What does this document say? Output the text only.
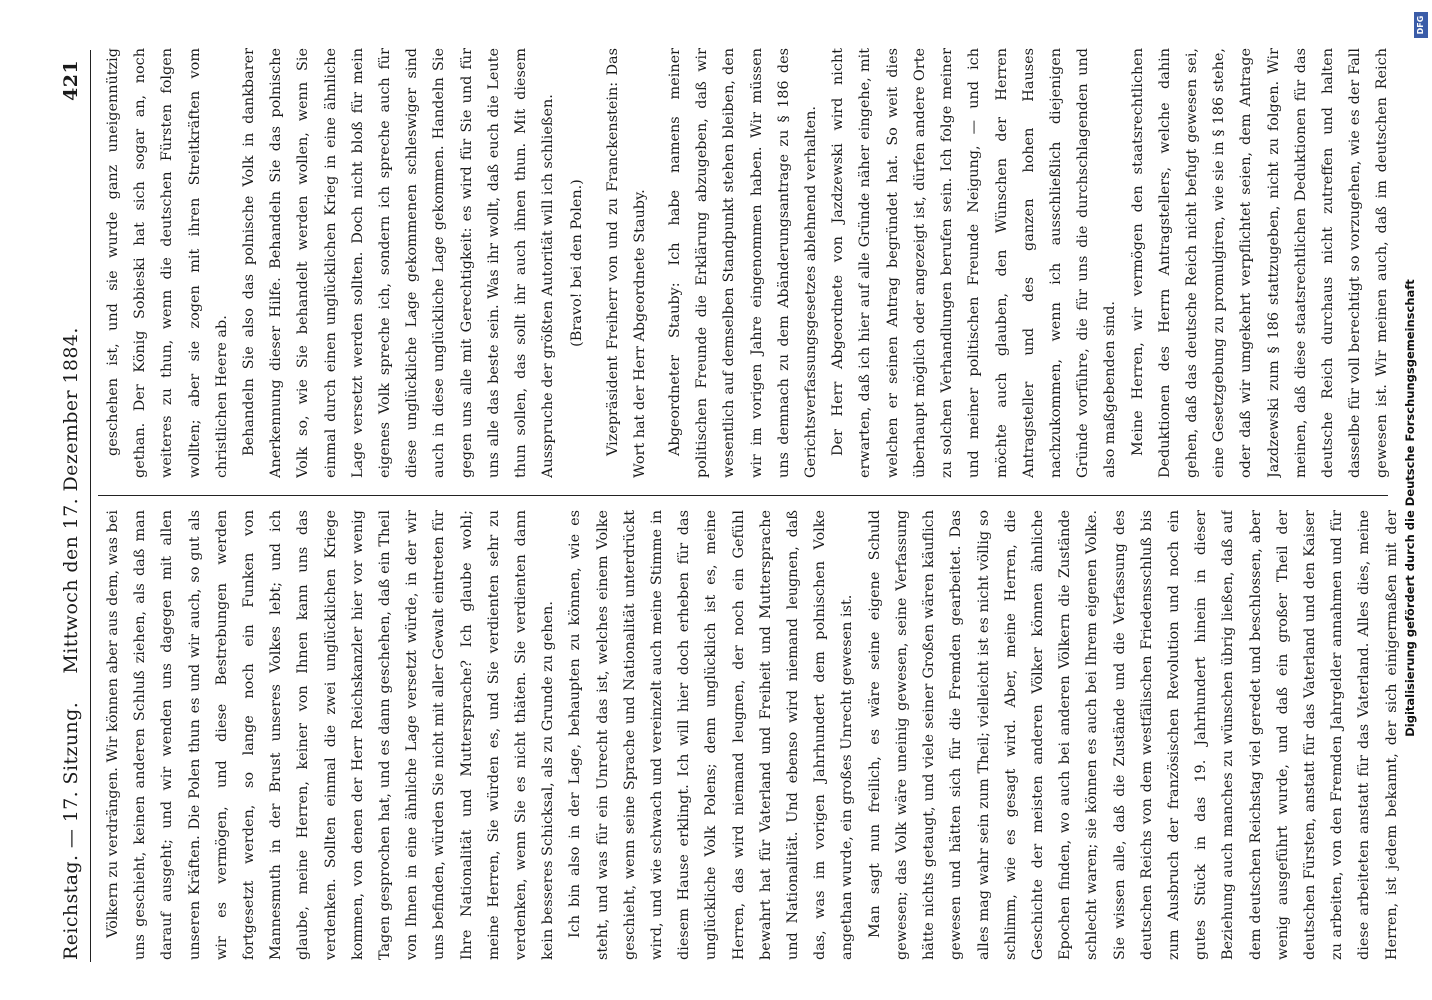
Reichstag. — 17. Sitzung.
Mittwoch den 17. Dezember 1884.
421

Völkern zu verdrängen. Wir können aber aus dem, was bei uns geschieht, keinen anderen Schluß ziehen, als daß man darauf ausgeht; und wir wenden uns dagegen mit allen unseren Kräften. Die Polen thun es und wir auch, so gut als wir es vermögen, und diese Bestrebungen werden fortgesetzt werden, so lange noch ein Funken von Mannesmuth in der Brust unseres Volkes lebt; und ich glaube, meine Herren, keiner von Ihnen kann uns das verdenken. Sollten einmal die zwei unglücklichen Kriege kommen, von denen der Herr Reichskanzler hier vor wenig Tagen gesprochen hat, und es dann geschehen, daß ein Theil von Ihnen in eine ähnliche Lage versetzt würde, in der wir uns befinden, würden Sie nicht mit aller Gewalt eintreten für Ihre Nationalität und Muttersprache? Ich glaube wohl; meine Herren, Sie würden es, und Sie verdienten sehr zu verdenken, wenn Sie es nicht thäten. Sie verdienten dann kein besseres Schicksal, als zu Grunde zu gehen. Ich bin also in der Lage, behaupten zu können, wie es steht, und was für ein Unrecht das ist, welches einem Volke geschieht, wenn seine Sprache und Nationalität unterdrückt wird, und wie schwach und vereinzelt auch meine Stimme in diesem Hause erklingt. Ich will hier doch erheben für das unglückliche Volk Polens; denn unglücklich ist es, meine Herren, das wird niemand leugnen, der noch ein Gefühl bewahrt hat für Vaterland und Freiheit und Muttersprache und Nationalität. Und ebenso wird niemand leugnen, daß das, was im vorigen Jahrhundert dem polnischen Volke angethan wurde, ein großes Unrecht gewesen ist. Man sagt nun freilich, es wäre seine eigene Schuld gewesen; das Volk wäre uneinig gewesen, seine Verfassung hätte nichts getaugt, und viele seiner Großen wären käuflich gewesen und hätten sich für die Fremden gearbeitet. Das alles mag wahr sein zum Theil; vielleicht ist es nicht völlig so schlimm, wie es gesagt wird. Aber, meine Herren, die Geschichte der meisten anderen Völker können ähnliche Epochen finden, wo auch bei anderen Völkern die Zustände schlecht waren; sie können es auch bei Ihrem eigenen Volke. Sie wissen alle, daß die Zustände und die Verfassung des deutschen Reichs von dem westfälischen Friedensschluß bis zum Ausbruch der französischen Revolution und noch ein gutes Stück in das 19. Jahrhundert hinein in dieser Beziehung auch manches zu wünschen übrig ließen, daß auf dem deutschen Reichstag viel geredet und beschlossen, aber wenig ausgeführt wurde, und daß ein großer Theil der deutschen Fürsten, anstatt für das Vaterland und den Kaiser zu arbeiten, von den Fremden Jahrgelder annahmen und für diese arbeiteten anstatt für das Vaterland. Alles dies, meine Herren, ist jedem bekannt, der sich einigermaßen mit der

geschehen ist, und sie wurde ganz uneigennützig gethan. Der König Sobieski hat sich sogar an, noch weiteres zu thun, wenn die deutschen Fürsten folgen wollten; aber sie zogen mit ihren Streitkräften vom christlichen Heere ab. Behandeln Sie also das polnische Volk in dankbarer Anerkennung dieser Hilfe. Behandeln Sie das polnische Volk so, wie Sie behandelt werden wollen, wenn Sie einmal durch einen unglücklichen Krieg in eine ähnliche Lage versetzt werden sollten. Doch nicht bloß für mein eigenes Volk spreche ich, sondern ich spreche auch für diese unglückliche Lage gekommenen schleswiger sind auch in diese unglückliche Lage gekommen. Handeln Sie gegen uns alle mit Gerechtigkeit: es wird für Sie und für uns alle das beste sein. Was ihr wollt, daß euch die Leute thun sollen, das sollt ihr auch ihnen thun. Mit diesem Ausspruche der größten Autorität will ich schließen. (Bravo! bei den Polen.)	Vizepräsident Freiherr von und zu Franckenstein: Das Wort hat der Herr Abgeordnete Stauby.	Abgeordneter Stauby: Ich habe namens meiner politischen Freunde die Erklärung abzugeben, daß wir wesentlich auf demselben Standpunkt stehen bleiben, den wir im vorigen Jahre eingenommen haben. Wir müssen uns demnach zu dem Abänderungsantrage zu § 186 des Gerichtsverfassungsgesetzes ablehnend verhalten. Der Herr Abgeordnete von Jazdzewski wird nicht erwarten, daß ich hier auf alle Gründe näher eingehe, mit welchen er seinen Antrag begründet hat. So weit dies überhaupt möglich oder angezeigt ist, dürfen andere Orte zu solchen Verhandlungen berufen sein. Ich folge meiner und meiner politischen Freunde Neigung, — und ich möchte auch glauben, den Wünschen der Herren Antragsteller und des ganzen hohen Hauses nachzukommen, wenn ich ausschließlich diejenigen Gründe vorführe, die für uns die durchschlagenden und also maßgebenden sind. Meine Herren, wir vermögen den staatsrechtlichen Deduktionen des Herrn Antragstellers, welche dahin gehen, daß das deutsche Reich nicht befugt gewesen sei, eine Gesetzgebung zu promulgiren, wie sie in § 186 stehe, oder daß wir umgekehrt verpflichtet seien, dem Antrage Jazdzewski zum § 186 stattzugeben, nicht zu folgen. Wir meinen, daß diese staatsrechtlichen Deduktionen für das deutsche Reich durchaus nicht zutreffen und halten dasselbe für voll berechtigt so vorzugehen, wie es der Fall gewesen ist. Wir meinen auch, daß im deutschen Reich

Digitalisierung gefördert durch die Deutsche Forschungsgemeinschaft
DFG
